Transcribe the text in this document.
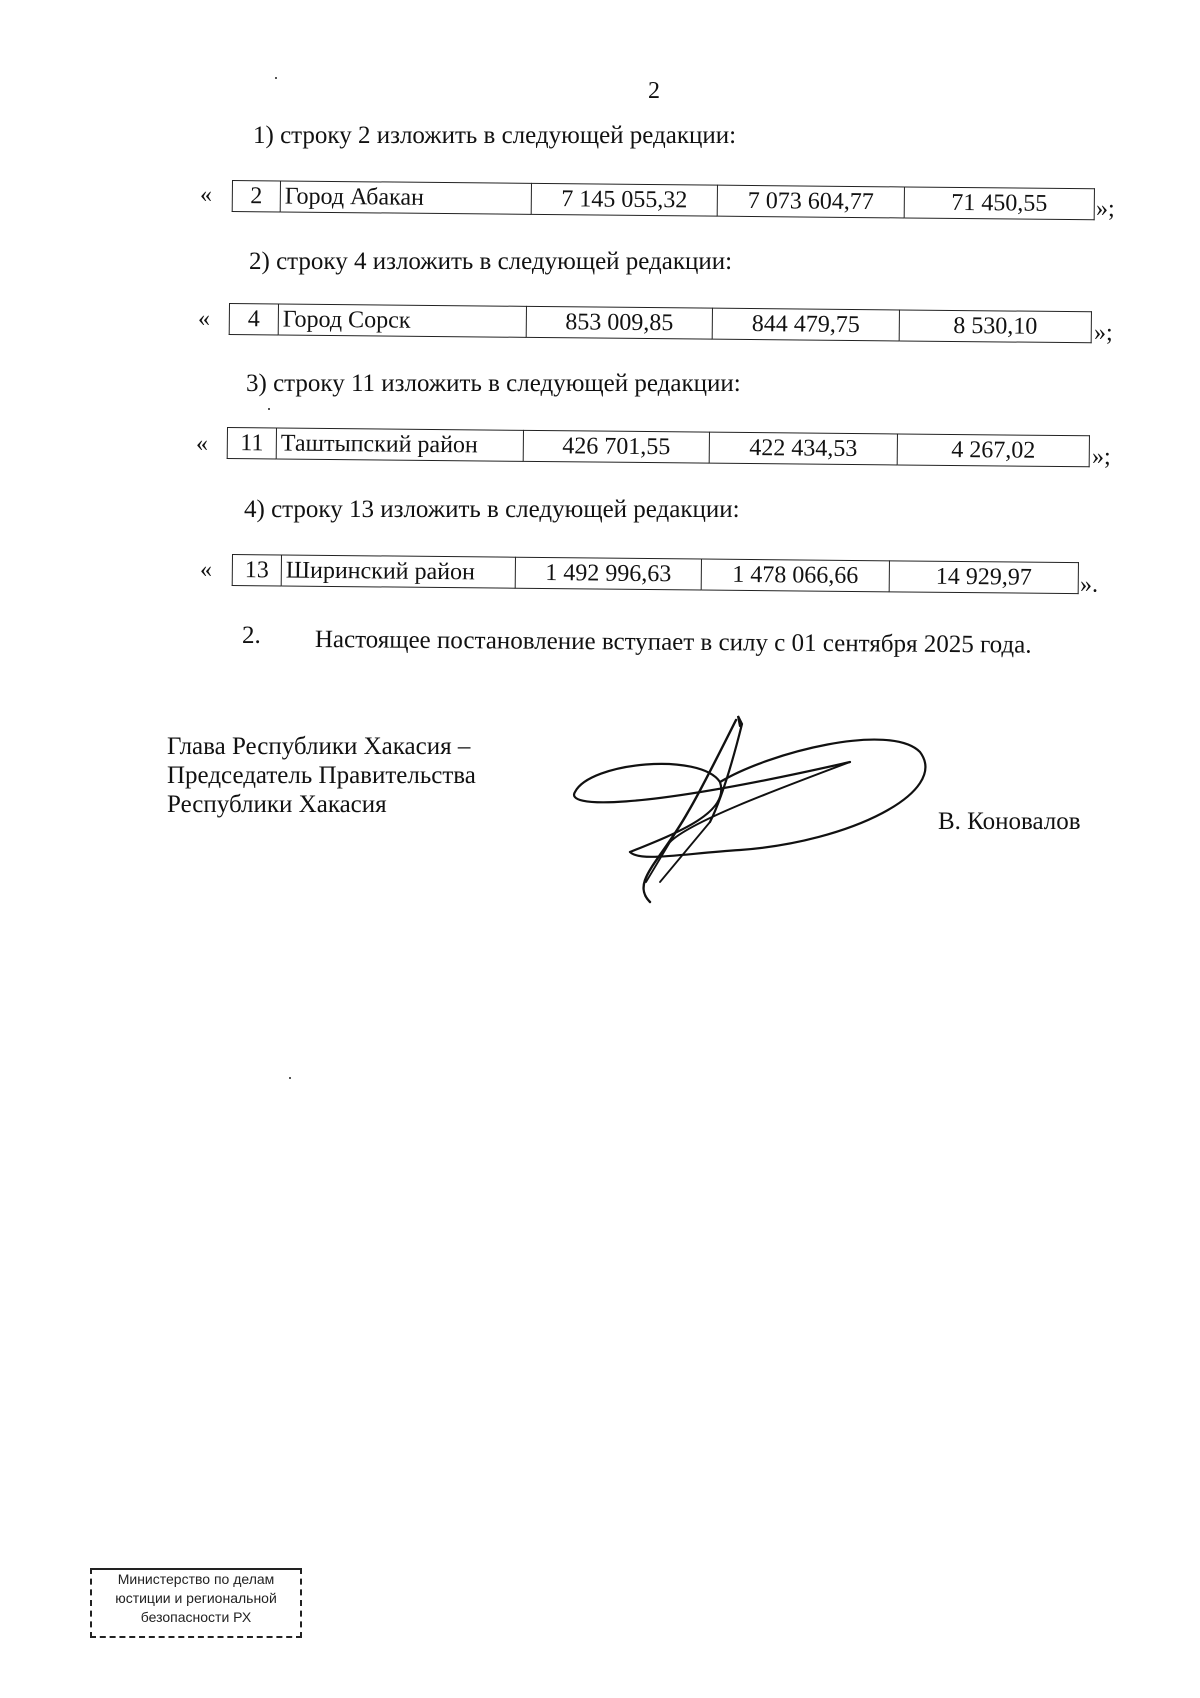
2
1) строку 2 изложить в следующей редакции:
« 2	Город Абакан	7 145 055,32	7 073 604,77	71 450,55 »;
2) строку 4 изложить в следующей редакции:
« 4	Город Сорск	853 009,85	844 479,75	8 530,10 »;
3) строку 11 изложить в следующей редакции:
« 11	Таштыпский район	426 701,55	422 434,53	4 267,02 »;
4) строку 13 изложить в следующей редакции:
« 13	Ширинский район	1 492 996,63	1 478 066,66	14 929,97 ».
2. Настоящее постановление вступает в силу с 01 сентября 2025 года.
Глава Республики Хакасия –
Председатель Правительства
Республики Хакасия
В. Коновалов
Министерство по делам
юстиции и региональной
безопасности РХ
